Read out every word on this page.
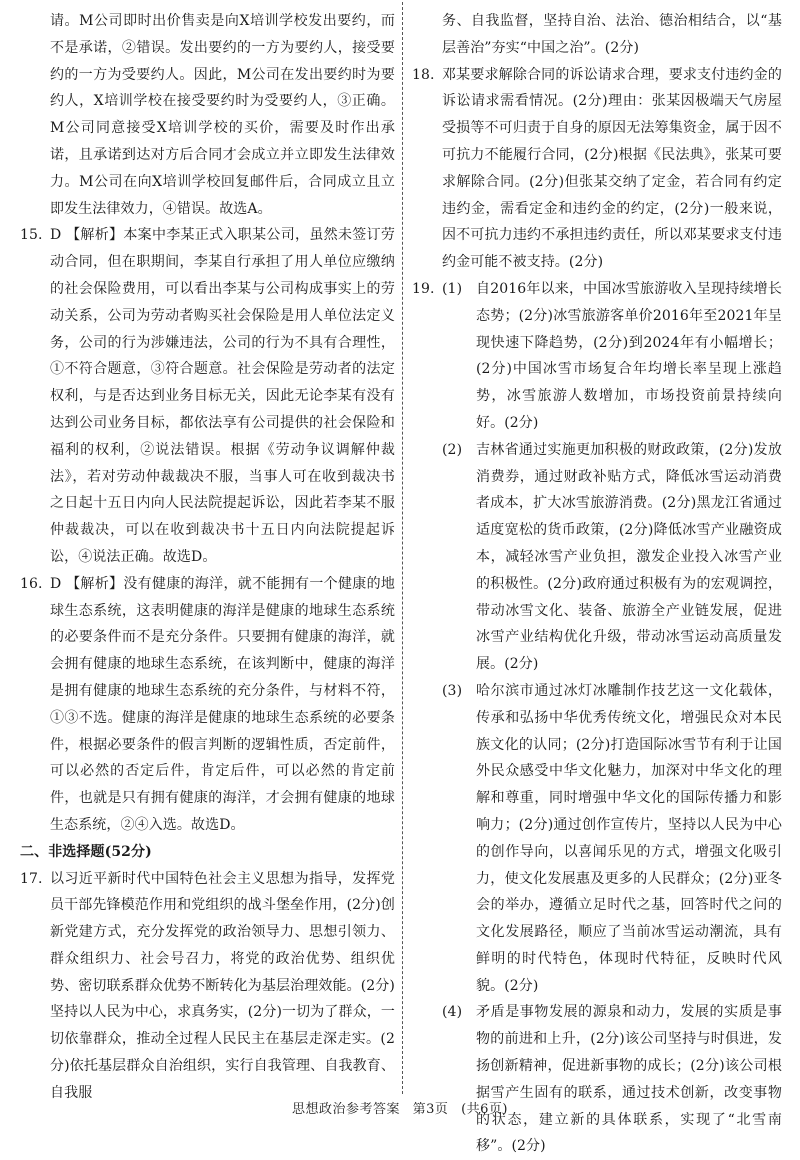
请。M公司即时出价售卖是向X培训学校发出要约，而不是承诺，②错误。发出要约的一方为要约人，接受要约的一方为受要约人。因此，M公司在发出要约时为要约人，X培训学校在接受要约时为受要约人，③正确。M公司同意接受X培训学校的买价，需要及时作出承诺，且承诺到达对方后合同才会成立并立即发生法律效力。M公司在向X培训学校回复邮件后，合同成立且立即发生法律效力，④错误。故选A。

15. D 【解析】本案中李某正式入职某公司，虽然未签订劳动合同，但在职期间，李某自行承担了用人单位应缴纳的社会保险费用，可以看出李某与公司构成事实上的劳动关系，公司为劳动者购买社会保险是用人单位法定义务，公司的行为涉嫌违法，公司的行为不具有合理性，①不符合题意，③符合题意。社会保险是劳动者的法定权利，与是否达到业务目标无关，因此无论李某有没有达到公司业务目标，都依法享有公司提供的社会保险和福利的权利，②说法错误。根据《劳动争议调解仲裁法》，若对劳动仲裁裁决不服，当事人可在收到裁决书之日起十五日内向人民法院提起诉讼，因此若李某不服仲裁裁决，可以在收到裁决书十五日内向法院提起诉讼，④说法正确。故选D。
16. D 【解析】没有健康的海洋，就不能拥有一个健康的地球生态系统，这表明健康的海洋是健康的地球生态系统的必要条件而不是充分条件。只要拥有健康的海洋，就会拥有健康的地球生态系统，在该判断中，健康的海洋是拥有健康的地球生态系统的充分条件，与材料不符，①③不选。健康的海洋是健康的地球生态系统的必要条件，根据必要条件的假言判断的逻辑性质，否定前件，可以必然的否定后件，肯定后件，可以必然的肯定前件，也就是只有拥有健康的海洋，才会拥有健康的地球生态系统，②④入选。故选D。

二、非选择题(52分)

17. 以习近平新时代中国特色社会主义思想为指导，发挥党员干部先锋模范作用和党组织的战斗堡垒作用，(2分)创新党建方式，充分发挥党的政治领导力、思想引领力、群众组织力、社会号召力，将党的政治优势、组织优势、密切联系群众优势不断转化为基层治理效能。(2分)坚持以人民为中心，求真务实，(2分)一切为了群众，一切依靠群众，推动全过程人民民主在基层走深走实。(2分)依托基层群众自治组织，实行自我管理、自我教育、自我服

务、自我监督，坚持自治、法治、德治相结合，以“基层善治”夯实“中国之治”。(2分)

18. 邓某要求解除合同的诉讼请求合理，要求支付违约金的诉讼请求需看情况。(2分)理由：张某因极端天气房屋受损等不可归责于自身的原因无法筹集资金，属于因不可抗力不能履行合同，(2分)根据《民法典》，张某可要求解除合同。(2分)但张某交纳了定金，若合同有约定违约金，需看定金和违约金的约定，(2分)一般来说，因不可抗力违约不承担违约责任，所以邓某要求支付违约金可能不被支持。(2分)
19. (1) 自2016年以来，中国冰雪旅游收入呈现持续增长态势；(2分)冰雪旅游客单价2016年至2021年呈现快速下降趋势，(2分)到2024年有小幅增长；(2分)中国冰雪市场复合年均增长率呈现上涨趋势，冰雪旅游人数增加，市场投资前景持续向好。(2分)
(2) 吉林省通过实施更加积极的财政政策，(2分)发放消费券，通过财政补贴方式，降低冰雪运动消费者成本，扩大冰雪旅游消费。(2分)黑龙江省通过适度宽松的货币政策，(2分)降低冰雪产业融资成本，减轻冰雪产业负担，激发企业投入冰雪产业的积极性。(2分)政府通过积极有为的宏观调控，带动冰雪文化、装备、旅游全产业链发展，促进冰雪产业结构优化升级，带动冰雪运动高质量发展。(2分)
(3) 哈尔滨市通过冰灯冰雕制作技艺这一文化载体，传承和弘扬中华优秀传统文化，增强民众对本民族文化的认同；(2分)打造国际冰雪节有利于让国外民众感受中华文化魅力，加深对中华文化的理解和尊重，同时增强中华文化的国际传播力和影响力；(2分)通过创作宣传片，坚持以人民为中心的创作导向，以喜闻乐见的方式，增强文化吸引力，使文化发展惠及更多的人民群众；(2分)亚冬会的举办，遵循立足时代之基，回答时代之问的文化发展路径，顺应了当前冰雪运动潮流，具有鲜明的时代特色，体现时代特征，反映时代风貌。(2分)
(4) 矛盾是事物发展的源泉和动力，发展的实质是事物的前进和上升，(2分)该公司坚持与时俱进，发扬创新精神，促进新事物的成长；(2分)该公司根据雪产生固有的联系，通过技术创新，改变事物的状态，建立新的具体联系，实现了“北雪南移”。(2分)
思想政治参考答案 第3页 (共6页)
